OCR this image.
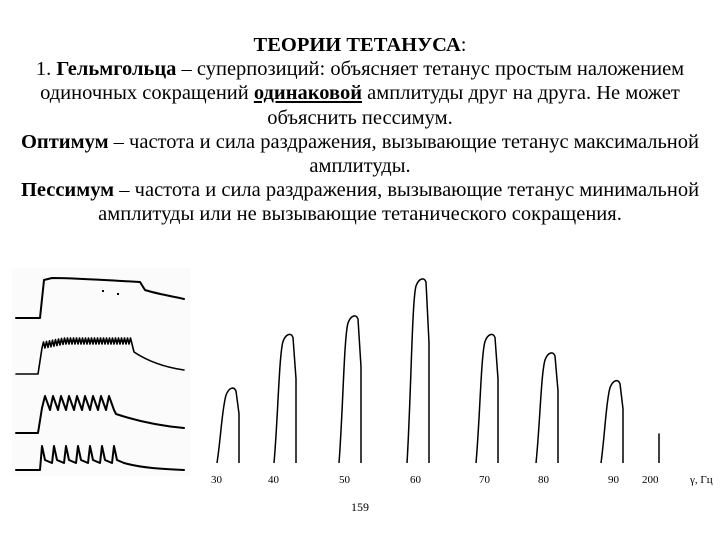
ТЕОРИИ ТЕТАНУСА:

1. Гельмгольца – суперпозиций: объясняет тетанус простым наложением одиночных сокращений одинаковой амплитуды друг на друга. Не может объяснить пессимум.

Оптимум – частота и сила раздражения, вызывающие тетанус максимальной амплитуды.

Пессимум – частота и сила раздражения, вызывающие тетанус минимальной амплитуды или не вызывающие тетанического сокращения.

30	40	50	60	70	80	90 200	γ, Гц
159
